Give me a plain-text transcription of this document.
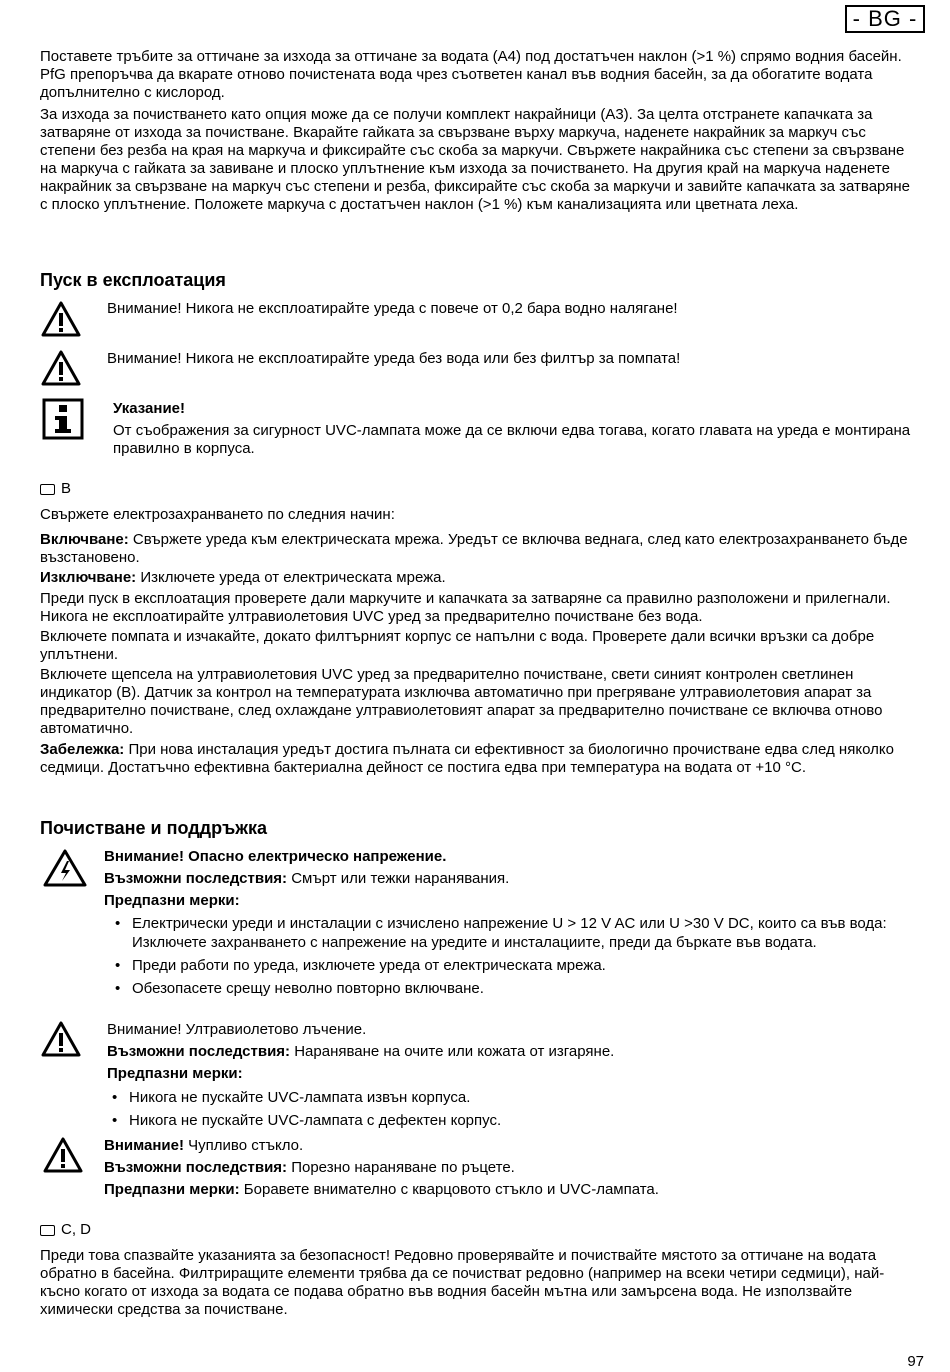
- BG -

Поставете тръбите за оттичане за изхода за оттичане за водата (A4) под достатъчен наклон (>1 %) спрямо водния басейн. PfG препоръчва да вкарате отново почистената вода чрез съответен канал във водния басейн, за да обогатите водата допълнително с кислород.

За изхода за почистването като опция може да се получи комплект накрайници (A3). За целта отстранете капачката за затваряне от изхода за почистване. Вкарайте гайката за свързване върху маркуча, наденете накрайник за маркуч със степени без резба на края на маркуча и фиксирайте със скоба за маркучи. Свържете накрайника със степени за свързване на маркуча с гайката за завиване и плоско уплътнение към изхода за почистването. На другия край на маркуча наденете накрайник за свързване на маркуч със степени и резба, фиксирайте със скоба за маркучи и завийте капачката за затваряне с плоско уплътнение. Положете маркуча с достатъчен наклон (>1 %) към канализацията или цветната леха.

Пуск в експлоатация

Внимание! Никога не експлоатирайте уреда с повече от 0,2 бара водно налягане!

Внимание! Никога не експлоатирайте уреда без вода или без филтър за помпата!

Указание!

От съображения за сигурност UVC-лампата може да се включи едва тогава, когато главата на уреда е монтирана правилно в корпуса.

B

Свържете електрозахранването по следния начин:

Включване: Свържете уреда към електрическата мрежа. Уредът се включва веднага, след като електрозахранването бъде възстановено.

Изключване: Изключете уреда от електрическата мрежа.

Преди пуск в експлоатация проверете дали маркучите и капачката за затваряне са правилно разположени и прилегнали. Никога не експлоатирайте ултравиолетовия UVC уред за предварително почистване без вода.

Включете помпата и изчакайте, докато филтърният корпус се напълни с вода. Проверете дали всички връзки са добре уплътнени.

Включете щепсела на ултравиолетовия UVC уред за предварително почистване, свети синият контролен светлинен индикатор (B). Датчик за контрол на температурата изключва автоматично при прегряване ултравиолетовия апарат за предварително почистване, след охлаждане ултравиолетовият апарат за предварително почистване се включва отново автоматично.

Забележка: При нова инсталация уредът достига пълната си ефективност за биологично прочистване едва след няколко седмици. Достатъчно ефективна бактериална дейност се постига едва при температура на водата от +10 °C.

Почистване и поддръжка

Внимание! Опасно електрическо напрежение.

Възможни последствия: Смърт или тежки наранявания.

Предпазни мерки:

• Електрически уреди и инсталации с изчислено напрежение U > 12 V AC или U >30 V DC, които са във вода: Изключете захранването с напрежение на уредите и инсталациите, преди да бъркате във водата.
• Преди работи по уреда, изключете уреда от електрическата мрежа.
• Обезопасете срещу неволно повторно включване.

Внимание! Ултравиолетово лъчение.

Възможни последствия: Нараняване на очите или кожата от изгаряне.

Предпазни мерки:

• Никога не пускайте UVC-лампата извън корпуса.
• Никога не пускайте UVC-лампата с дефектен корпус.

Внимание! Чупливо стъкло.

Възможни последствия: Порезно нараняване по ръцете.

Предпазни мерки: Боравете внимателно с кварцовото стъкло и UVC-лампата.

C, D

Преди това спазвайте указанията за безопасност! Редовно проверявайте и почиствайте мястото за оттичане на водата обратно в басейна. Филтриращите елементи трябва да се почистват редовно (например на всеки четири седмици), най-късно когато от изхода за водата се подава обратно във водния басейн мътна или замърсена вода. Не използвайте химически средства за почистване.

97
